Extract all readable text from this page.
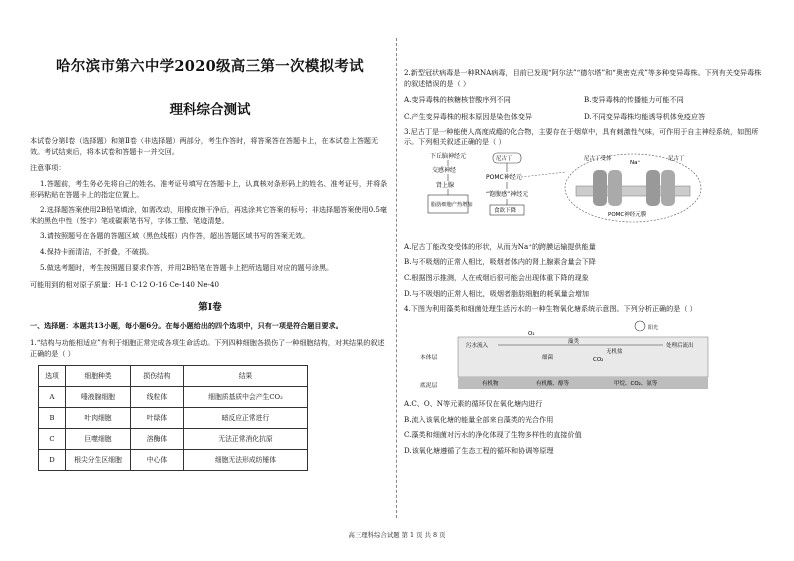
哈尔滨市第六中学2020级高三第一次模拟考试
理科综合测试

本试卷分第Ⅰ卷（选择题）和第Ⅱ卷（非选择题）两部分，考生作答时，将答案答在答题卡上，在本试卷上答题无效。考试结束后，将本试卷和答题卡一并交回。

注意事项：

1.答题前，考生务必先将自己的姓名、准考证号填写在答题卡上，认真核对条形码上的姓名、准考证号，并将条形码粘贴在答题卡上的指定位置上。

2.选择题答案使用2B铅笔填涂，如需改动，用橡皮擦干净后，再选涂其它答案的标号；非选择题答案使用0.5毫米的黑色中性（签字）笔或碳素笔书写，字体工整、笔迹清楚。

3.请按照题号在各题的答题区域（黑色线框）内作答，超出答题区域书写的答案无效。

4.保持卡面清洁，不折叠，不破损。

5.做选考题时，考生按照题目要求作答，并用2B铅笔在答题卡上把所选题目对应的题号涂黑。

可能用到的相对原子质量：H-1 C-12 O-16 Ce-140 Ne-40

第Ⅰ卷

一、选择题：本题共13小题，每小题6分。在每小题给出的四个选项中，只有一项是符合题目要求。

1.“结构与功能相适应”有利于细胞正常完成各项生命活动。下列四种细胞各损伤了一种细胞结构，对其结果的叙述正确的是（ ）

选项	细胞种类	损伤结构	结果
A	唾液腺细胞	线粒体	细胞质基质中会产生CO₂
B	叶肉细胞	叶绿体	暗反应正常进行
C	巨噬细胞	溶酶体	无法正常消化抗原
D	根尖分生区细胞	中心体	细胞无法形成纺锤体

2.新型冠状病毒是一种RNA病毒，目前已发现“阿尔法”“德尔塔”和“奥密克戎”等多种变异毒株。下列有关变异毒株的叙述错误的是（ ）

A.变异毒株的核糖核苷酸序列不同	B.变异毒株的传播能力可能不同
C.产生变异毒株的根本原因是染色体变异	D.不同变异毒株均能诱导机体免疫应答

3.尼古丁是一种能使人高度成瘾的化合物，主要存在于烟草中，具有刺激性气味，可作用于自主神经系统，如图所示。下列相关叙述正确的是（ ）

下丘脑神经元
交感神经
肾上腺
脂肪细胞产热增加
尼古丁
POMC神经元
“饱腹感”神经元
食欲下降
尼古丁受体
Na⁺
尼古丁
POMC神经元膜

A.尼古丁能改变受体的形状，从而为Na⁺的跨膜运输提供能量

B.与不吸烟的正常人相比，吸烟者体内的肾上腺素含量会下降

C.根据图示推测，人在戒烟后很可能会出现体重下降的现象

D.与不吸烟的正常人相比，吸烟者脂肪细胞的耗氧量会增加

4.下图为利用藻类和细菌处理生活污水的一种生物氧化塘系统示意图。下列分析正确的是（ ）

阳光
本体层
底泥层
污水流入	处理后流出
藻类
细菌
O₂
CO₂
无机盐
有机物	有机酸、醇等	甲烷、CO₂、氨等

A.C、O、N等元素的循环仅在氧化塘内进行

B.流入该氧化塘的能量全部来自藻类的光合作用

C.藻类和细菌对污水的净化体现了生物多样性的直接价值

D.该氧化塘遵循了生态工程的循环和协调等原理

高三理科综合试题 第 1 页 共 8 页
